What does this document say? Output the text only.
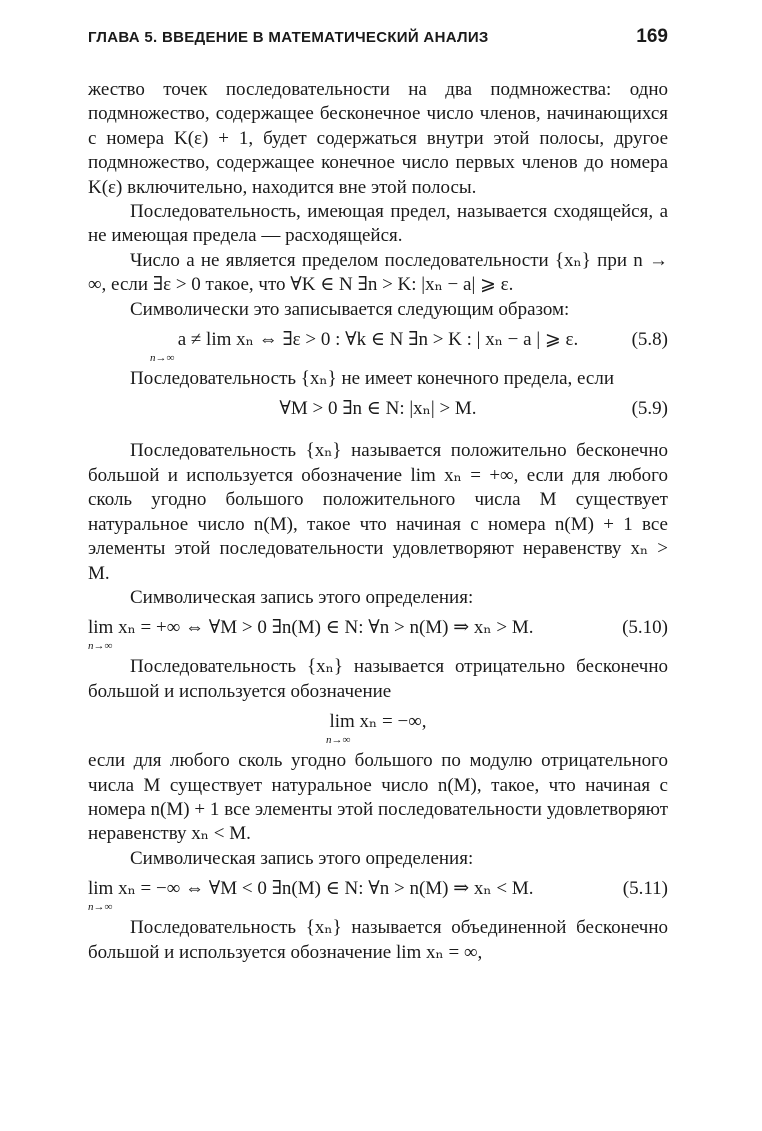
ГЛАВА 5. ВВЕДЕНИЕ В МАТЕМАТИЧЕСКИЙ АНАЛИЗ	169

жество точек последовательности на два подмножества: одно подмножество, содержащее бесконечное число членов, начинающихся с номера K(ε) + 1, будет содержаться внутри этой полосы, другое подмножество, содержащее конечное число первых членов до номера K(ε) включительно, находится вне этой полосы.

Последовательность, имеющая предел, называется сходящейся, а не имеющая предела — расходящейся.

Число a не является пределом последовательности {xₙ} при n → ∞, если ∃ε > 0 такое, что ∀K ∈ N ∃n > K: |xₙ − a| ⩾ ε.

Символически это записывается следующим образом:

a ≠ lim xₙ ⇔ ∃ε > 0 : ∀k ∈ N ∃n > K : | xₙ − a | ⩾ ε.
n→∞
(5.8)

Последовательность {xₙ} не имеет конечного предела, если

∀M > 0 ∃n ∈ N: |xₙ| > M.	(5.9)

Последовательность {xₙ} называется положительно бесконечно большой и используется обозначение lim xₙ = +∞, если для любого сколь угодно большого положительного числа M существует натуральное число n(M), такое что начиная с номера n(M) + 1 все элементы этой последовательности удовлетворяют неравенству xₙ > M.

Символическая запись этого определения:

lim xₙ = +∞ ⇔ ∀M > 0 ∃n(M) ∈ N: ∀n > n(M) ⇒ xₙ > M.
n→∞
(5.10)

Последовательность {xₙ} называется отрицательно бесконечно большой и используется обозначение

lim xₙ = −∞,
n→∞

если для любого сколь угодно большого по модулю отрицательного числа M существует натуральное число n(M), такое, что начиная с номера n(M) + 1 все элементы этой последовательности удовлетворяют неравенству xₙ < M.

Символическая запись этого определения:

lim xₙ = −∞ ⇔ ∀M < 0 ∃n(M) ∈ N: ∀n > n(M) ⇒ xₙ < M.
n→∞
(5.11)

Последовательность {xₙ} называется объединенной бесконечно большой и используется обозначение lim xₙ = ∞,
